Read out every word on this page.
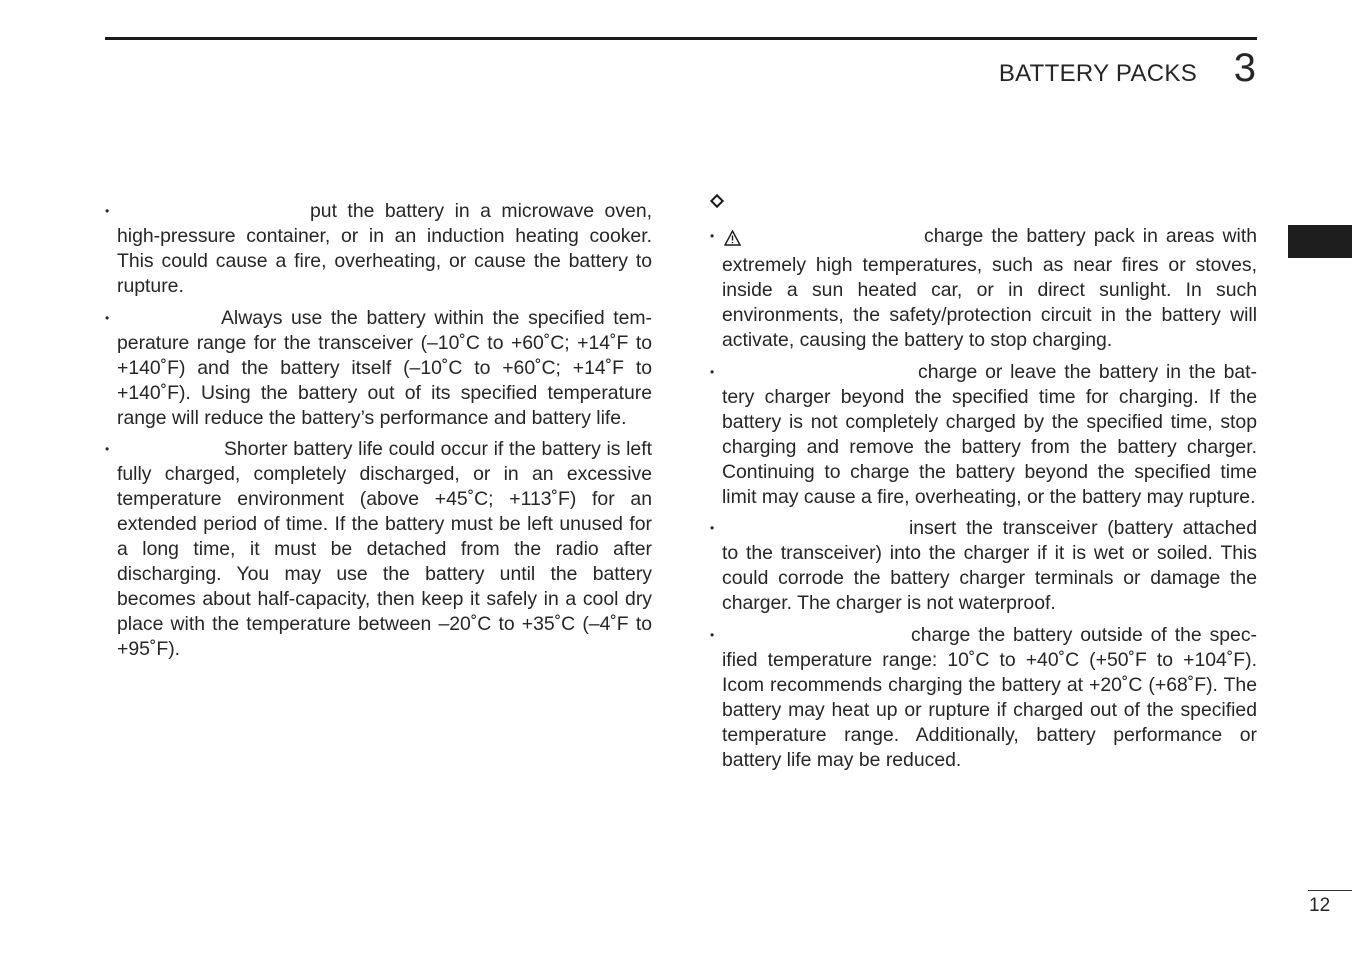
BATTERY PACKS 3
•	put the battery in a microwave oven, high-pressure container, or in an induction heating cooker. This could cause a fire, overheating, or cause the battery to rupture.
•	Always use the battery within the specified tem- perature range for the transceiver (–10˚C to +60˚C; +14˚F to +140˚F) and the battery itself (–10˚C to +60˚C; +14˚F to +140˚F). Using the battery out of its specified temperature range will reduce the battery’s performance and battery life.
•	Shorter battery life could occur if the battery is left fully charged, completely discharged, or in an excessive temperature environment (above +45˚C; +113˚F) for an extended period of time. If the battery must be left unused for a long time, it must be detached from the radio after discharging. You may use the battery until the battery becomes about half-capacity, then keep it safely in a cool dry place with the temperature between –20˚C to +35˚C (–4˚F to +95˚F).
•	charge the battery pack in areas with extremely high temperatures, such as near fires or stoves, inside a sun heated car, or in direct sunlight. In such environments, the safety/protection circuit in the battery will activate, causing the battery to stop charging.
•	charge or leave the battery in the bat- tery charger beyond the specified time for charging. If the battery is not completely charged by the specified time, stop charging and remove the battery from the battery charger. Continuing to charge the battery beyond the specified time limit may cause a fire, overheating, or the battery may rupture.
•	insert the transceiver (battery attached to the transceiver) into the charger if it is wet or soiled. This could corrode the battery charger terminals or damage the charger. The charger is not waterproof.
•	charge the battery outside of the spec- ified temperature range: 10˚C to +40˚C (+50˚F to +104˚F). Icom recommends charging the battery at +20˚C (+68˚F). The battery may heat up or rupture if charged out of the specified temperature range. Additionally, battery performance or battery life may be reduced.
12
